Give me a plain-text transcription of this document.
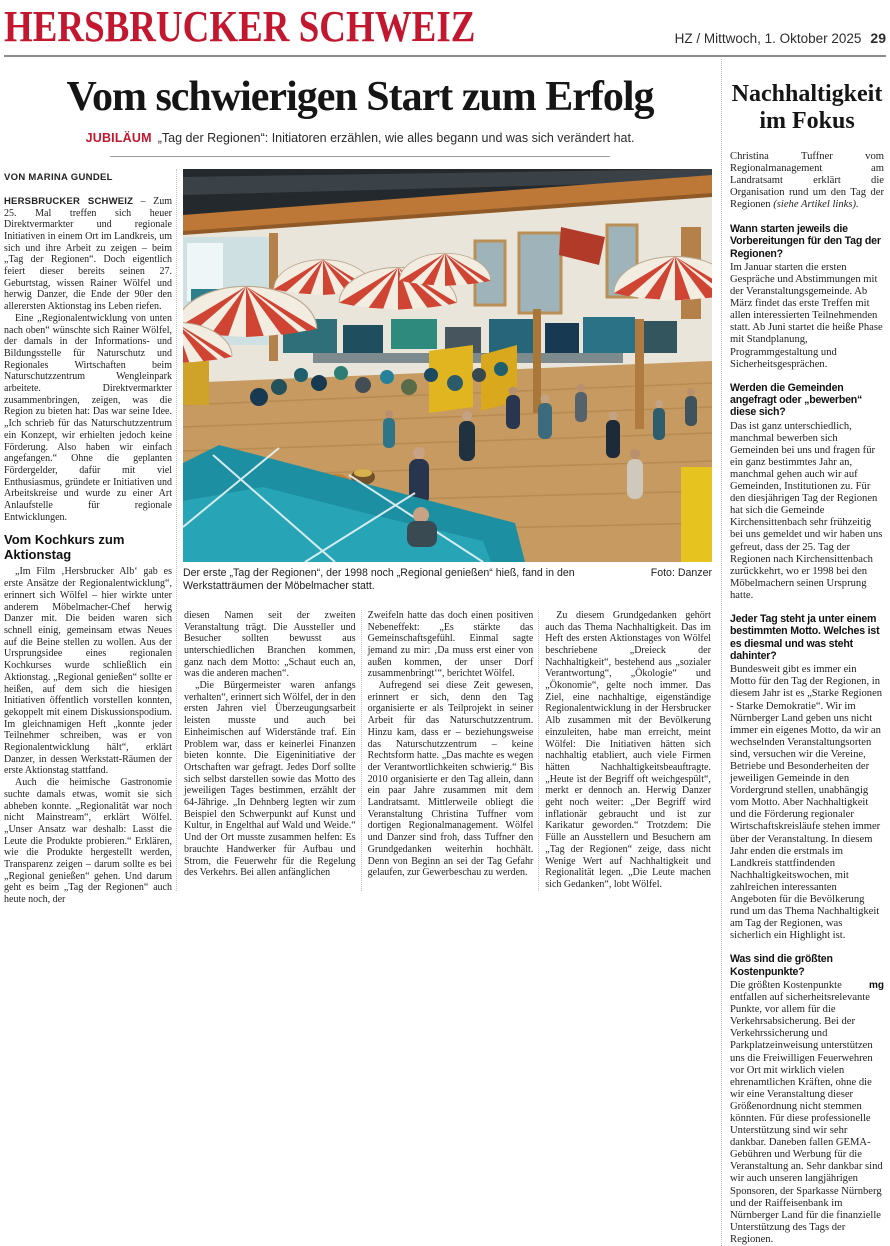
HERSBRUCKER SCHWEIZ	HZ / Mittwoch, 1. Oktober 2025 29
Vom schwierigen Start zum Erfolg
JUBILÄUM „Tag der Regionen“: Initiatoren erzählen, wie alles begann und was sich verändert hat.
VON MARINA GUNDEL

HERSBRUCKER SCHWEIZ – Zum 25. Mal treffen sich heuer Direktvermarkter und regionale Initiativen in einem Ort im Landkreis, um sich und ihre Arbeit zu zeigen – beim „Tag der Regionen“. Doch eigentlich feiert dieser bereits seinen 27. Geburtstag, wissen Rainer Wölfel und herwig Danzer, die Ende der 90er den allerersten Aktionstag ins Leben riefen.

Eine „Regionalentwicklung von unten nach oben“ wünschte sich Rainer Wölfel, der damals in der Informations- und Bildungsstelle für Naturschutz und Regionales Wirtschaften beim Naturschutzzentrum Wengleinpark arbeitete. Direktvermarkter zusammenbringen, zeigen, was die Region zu bieten hat: Das war seine Idee. „Ich schrieb für das Naturschutzzentrum ein Konzept, wir erhielten jedoch keine Förderung. Also haben wir einfach angefangen.“ Ohne die geplanten Fördergelder, dafür mit viel Enthusiasmus, gründete er Initiativen und Arbeitskreise und wurde zu einer Art Anlaufstelle für regionale Entwicklungen.

Vom Kochkurs zum Aktionstag

„Im Film ‚Hersbrucker Alb‘ gab es erste Ansätze der Regionalentwicklung“, erinnert sich Wölfel – hier wirkte unter anderem Möbelmacher-Chef herwig Danzer mit. Die beiden waren sich schnell einig, gemeinsam etwas Neues auf die Beine stellen zu wollen. Aus der Ursprungsidee eines regionalen Kochkurses wurde schließlich ein Aktionstag. „Regional genießen“ sollte er heißen, auf dem sich die hiesigen Initiativen öffentlich vorstellen konnten, gekoppelt mit einem Diskussionspodium. Im gleichnamigen Heft „konnte jeder Teilnehmer schreiben, was er von Regionalentwicklung hält“, erklärt Danzer, in dessen Werkstatt-Räumen der erste Aktionstag stattfand.

Auch die heimische Gastronomie suchte damals etwas, womit sie sich abheben konnte. „Regionalität war noch nicht Mainstream“, erklärt Wölfel. „Unser Ansatz war deshalb: Lasst die Leute die Produkte probieren.“ Erklären, wie die Produkte hergestellt werden, Transparenz zeigen – darum sollte es bei „Regional genießen“ gehen. Und darum geht es beim „Tag der Regionen“ auch heute noch, der

Foto: Danzer
Der erste „Tag der Regionen“, der 1998 noch „Regional genießen“ hieß, fand in den Werkstatträumen der Möbelmacher statt.

diesen Namen seit der zweiten Veranstaltung trägt. Die Aussteller und Besucher sollten bewusst aus unterschiedlichen Branchen kommen, ganz nach dem Motto: „Schaut euch an, was die anderen machen“.

„Die Bürgermeister waren anfangs verhalten“, erinnert sich Wölfel, der in den ersten Jahren viel Überzeugungsarbeit leisten musste und auch bei Einheimischen auf Widerstände traf. Ein Problem war, dass er keinerlei Finanzen bieten konnte. Die Eigeninitiative der Ortschaften war gefragt. Jedes Dorf sollte sich selbst darstellen sowie das Motto des jeweiligen Tages bestimmen, erzählt der 64-Jährige. „In Dehnberg legten wir zum Beispiel den Schwerpunkt auf Kunst und Kultur, in Engelthal auf Wald und Weide.“ Und der Ort musste zusammen helfen: Es brauchte Handwerker für Aufbau und Strom, die Feuerwehr für die Regelung des Verkehrs. Bei allen anfänglichen

Zweifeln hatte das doch einen positiven Nebeneffekt: „Es stärkte das Gemeinschaftsgefühl. Einmal sagte jemand zu mir: ‚Da muss erst einer von außen kommen, der unser Dorf zusammenbringt‘“, berichtet Wölfel.

Aufregend sei diese Zeit gewesen, erinnert er sich, denn den Tag organisierte er als Teilprojekt in seiner Arbeit für das Naturschutzzentrum. Hinzu kam, dass er – beziehungsweise das Naturschutzzentrum – keine Rechtsform hatte. „Das machte es wegen der Verantwortlichkeiten schwierig.“ Bis 2010 organisierte er den Tag allein, dann ein paar Jahre zusammen mit dem Landratsamt. Mittlerweile obliegt die Veranstaltung Christina Tuffner vom dortigen Regionalmanagement. Wölfel und Danzer sind froh, dass Tuffner den Grundgedanken weiterhin hochhält. Denn von Beginn an sei der Tag Gefahr gelaufen, zur Gewerbeschau zu werden.

Zu diesem Grundgedanken gehört auch das Thema Nachhaltigkeit. Das im Heft des ersten Aktionstages von Wölfel beschriebene „Dreieck der Nachhaltigkeit“, bestehend aus „sozialer Verantwortung“, „Ökologie“ und „Ökonomie“, gelte noch immer. Das Ziel, eine nachhaltige, eigenständige Regionalentwicklung in der Hersbrucker Alb zusammen mit der Bevölkerung einzuleiten, habe man erreicht, meint Wölfel: Die Initiativen hätten sich nachhaltig etabliert, auch viele Firmen hätten Nachhaltigkeitsbeauftragte. „Heute ist der Begriff oft weichgespült“, merkt er dennoch an. Herwig Danzer geht noch weiter: „Der Begriff wird inflationär gebraucht und ist zur Karikatur geworden.“ Trotzdem: Die Fülle an Ausstellern und Besuchern am „Tag der Regionen“ zeige, dass nicht Wenige Wert auf Nachhaltigkeit und Regionalität legen. „Die Leute machen sich Gedanken“, lobt Wölfel.

Nachhaltigkeit
im Fokus

Christina Tuffner vom Regionalmanagement am Landratsamt erklärt die Organisation rund um den Tag der Regionen (siehe Artikel links).

Wann starten jeweils die Vorbereitungen für den Tag der Regionen?

Im Januar starten die ersten Gespräche und Abstimmungen mit der Veranstaltungsgemeinde. Ab März findet das erste Treffen mit allen interessierten Teilnehmenden statt. Ab Juni startet die heiße Phase mit Standplanung, Programmgestaltung und Sicherheitsgesprächen.

Werden die Gemeinden angefragt oder „bewerben“ diese sich?

Das ist ganz unterschiedlich, manchmal bewerben sich Gemeinden bei uns und fragen für ein ganz bestimmtes Jahr an, manchmal gehen auch wir auf Gemeinden, Institutionen zu. Für den diesjährigen Tag der Regionen hat sich die Gemeinde Kirchensittenbach sehr frühzeitig bei uns gemeldet und wir haben uns gefreut, dass der 25. Tag der Regionen nach Kirchensittenbach zurückkehrt, wo er 1998 bei den Möbelmachern seinen Ursprung hatte.

Jeder Tag steht ja unter einem bestimmten Motto. Welches ist es diesmal und was steht dahinter?

Bundesweit gibt es immer ein Motto für den Tag der Regionen, in diesem Jahr ist es „Starke Regionen - Starke Demokratie“. Wir im Nürnberger Land geben uns nicht immer ein eigenes Motto, da wir an wechselnden Veranstaltungsorten sind, versuchen wir die Vereine, Betriebe und Besonderheiten der jeweiligen Gemeinde in den Vordergrund stellen, unabhängig vom Motto. Aber Nachhaltigkeit und die Förderung regionaler Wirtschaftskreisläufe stehen immer über der Veranstaltung. In diesem Jahr enden die erstmals im Landkreis stattfindenden Nachhaltigkeitswochen, mit zahlreichen interessanten Angeboten für die Bevölkerung rund um das Thema Nachhaltigkeit am Tag der Regionen, was sicherlich ein Highlight ist.

Was sind die größten Kostenpunkte?

mg
Die größten Kostenpunkte entfallen auf sicherheitsrelevante Punkte, vor allem für die Verkehrsabsicherung. Bei der Verkehrssicherung und Parkplatzeinweisung unterstützen uns die Freiwilligen Feuerwehren vor Ort mit wirklich vielen ehrenamtlichen Kräften, ohne die wir eine Veranstaltung dieser Größenordnung nicht stemmen könnten. Für diese professionelle Unterstützung sind wir sehr dankbar. Daneben fallen GEMA-Gebühren und Werbung für die Veranstaltung an. Sehr dankbar sind wir auch unseren langjährigen Sponsoren, der Sparkasse Nürnberg und der Raiffeisenbank im Nürnberger Land für die finanzielle Unterstützung des Tags der Regionen.
